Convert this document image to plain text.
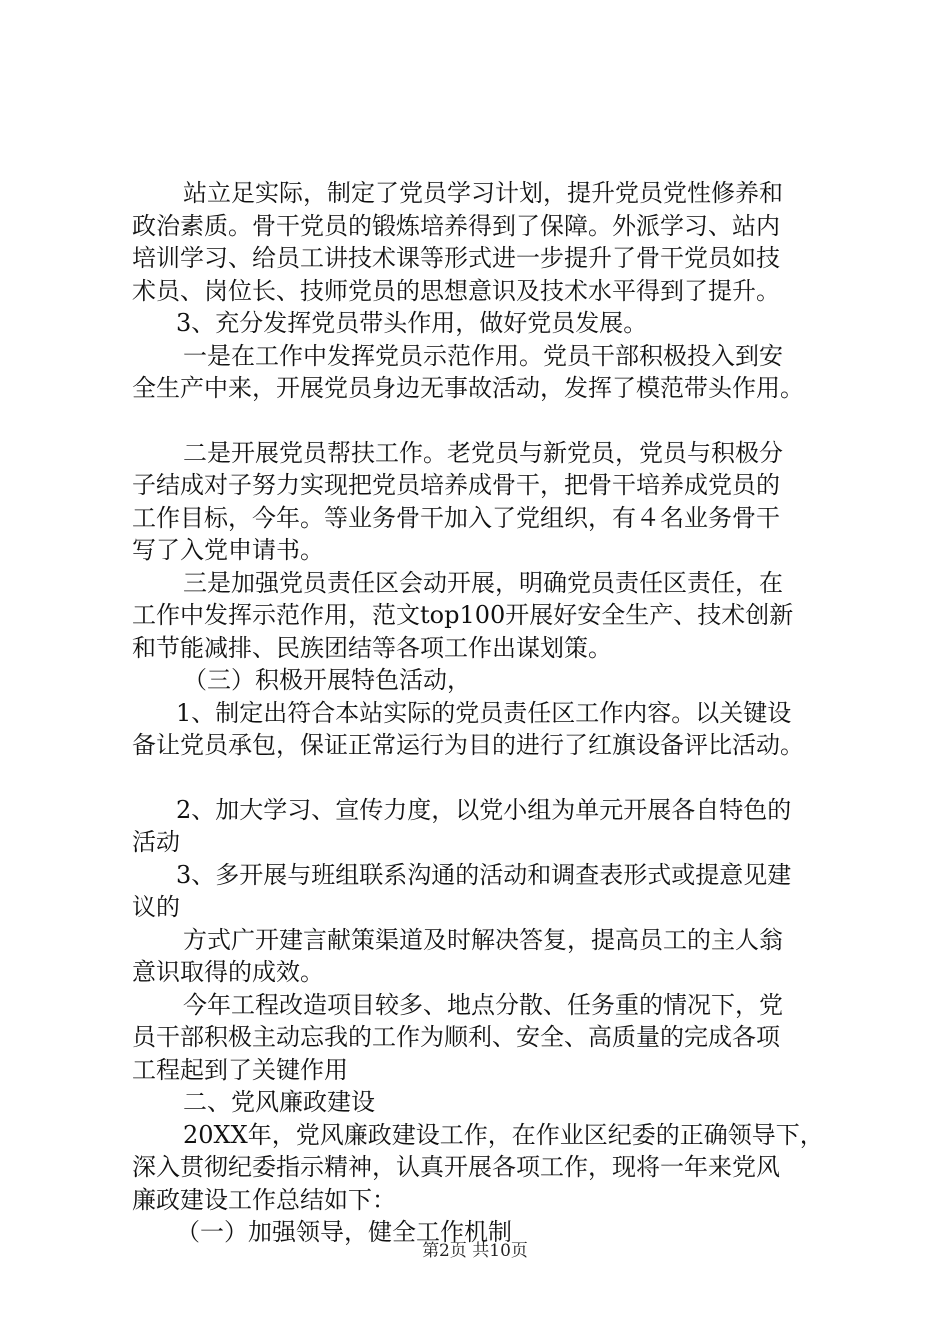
站立足实际，制定了党员学习计划，提升党员党性修养和
政治素质。骨干党员的锻炼培养得到了保障。外派学习、站内
培训学习、给员工讲技术课等形式进一步提升了骨干党员如技
术员、岗位长、技师党员的思想意识及技术水平得到了提升。
3、充分发挥党员带头作用，做好党员发展。
一是在工作中发挥党员示范作用。党员干部积极投入到安
全生产中来，开展党员身边无事故活动，发挥了模范带头作用。
二是开展党员帮扶工作。老党员与新党员，党员与积极分
子结成对子努力实现把党员培养成骨干，把骨干培养成党员的
工作目标，今年。等业务骨干加入了党组织，有４名业务骨干
写了入党申请书。
三是加强党员责任区会动开展，明确党员责任区责任，在
工作中发挥示范作用，范文top100开展好安全生产、技术创新
和节能减排、民族团结等各项工作出谋划策。
（三）积极开展特色活动，
1、制定出符合本站实际的党员责任区工作内容。以关键设
备让党员承包，保证正常运行为目的进行了红旗设备评比活动。
2、加大学习、宣传力度，以党小组为单元开展各自特色的
活动
3、多开展与班组联系沟通的活动和调查表形式或提意见建
议的
方式广开建言献策渠道及时解决答复，提高员工的主人翁
意识取得的成效。
今年工程改造项目较多、地点分散、任务重的情况下，党
员干部积极主动忘我的工作为顺利、安全、高质量的完成各项
工程起到了关键作用
二、党风廉政建设
20XX年，党风廉政建设工作，在作业区纪委的正确领导下，
深入贯彻纪委指示精神，认真开展各项工作，现将一年来党风
廉政建设工作总结如下：
（一）加强领导，健全工作机制
第2页 共10页
